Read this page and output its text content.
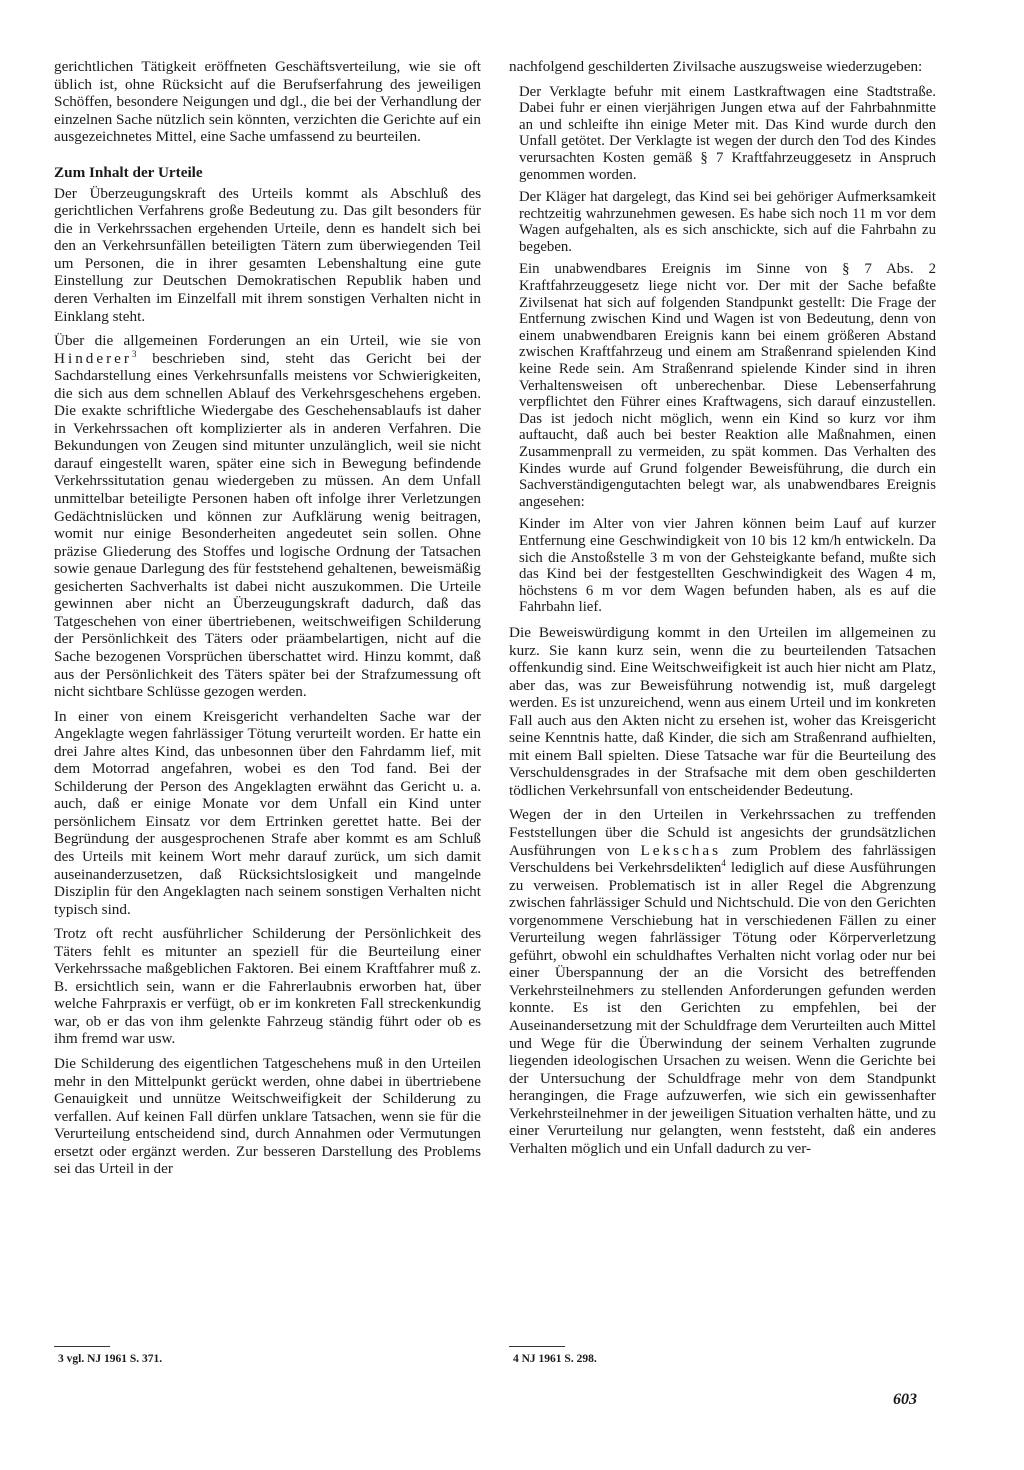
gerichtlichen Tätigkeit eröffneten Geschäftsverteilung, wie sie oft üblich ist, ohne Rücksicht auf die Berufserfahrung des jeweiligen Schöffen, besondere Neigungen und dgl., die bei der Verhandlung der einzelnen Sache nützlich sein könnten, verzichten die Gerichte auf ein ausgezeichnetes Mittel, eine Sache umfassend zu beurteilen.

Zum Inhalt der Urteile

Der Überzeugungskraft des Urteils kommt als Abschluß des gerichtlichen Verfahrens große Bedeutung zu. Das gilt besonders für die in Verkehrssachen ergehenden Urteile, denn es handelt sich bei den an Verkehrsunfällen beteiligten Tätern zum überwiegenden Teil um Personen, die in ihrer gesamten Lebenshaltung eine gute Einstellung zur Deutschen Demokratischen Republik haben und deren Verhalten im Einzelfall mit ihrem sonstigen Verhalten nicht in Einklang steht.

Über die allgemeinen Forderungen an ein Urteil, wie sie von Hinderer$^3$ beschrieben sind, steht das Gericht bei der Sachdarstellung eines Verkehrsunfalls meistens vor Schwierigkeiten, die sich aus dem schnellen Ablauf des Verkehrsgeschehens ergeben. Die exakte schriftliche Wiedergabe des Geschehensablaufs ist daher in Verkehrssachen oft komplizierter als in anderen Verfahren. Die Bekundungen von Zeugen sind mitunter unzulänglich, weil sie nicht darauf eingestellt waren, später eine sich in Bewegung befindende Verkehrssitutation genau wiedergeben zu müssen. An dem Unfall unmittelbar beteiligte Personen haben oft infolge ihrer Verletzungen Gedächtnislücken und können zur Aufklärung wenig beitragen, womit nur einige Besonderheiten angedeutet sein sollen. Ohne präzise Gliederung des Stoffes und logische Ordnung der Tatsachen sowie genaue Darlegung des für feststehend gehaltenen, beweismäßig gesicherten Sachverhalts ist dabei nicht auszukommen. Die Urteile gewinnen aber nicht an Überzeugungskraft dadurch, daß das Tatgeschehen von einer übertriebenen, weitschweifigen Schilderung der Persönlichkeit des Täters oder präambelartigen, nicht auf die Sache bezogenen Vorsprüchen überschattet wird. Hinzu kommt, daß aus der Persönlichkeit des Täters später bei der Strafzumessung oft nicht sichtbare Schlüsse gezogen werden.

In einer von einem Kreisgericht verhandelten Sache war der Angeklagte wegen fahrlässiger Tötung verurteilt worden. Er hatte ein drei Jahre altes Kind, das unbesonnen über den Fahrdamm lief, mit dem Motorrad angefahren, wobei es den Tod fand. Bei der Schilderung der Person des Angeklagten erwähnt das Gericht u. a. auch, daß er einige Monate vor dem Unfall ein Kind unter persönlichem Einsatz vor dem Ertrinken gerettet hatte. Bei der Begründung der ausgesprochenen Strafe aber kommt es am Schluß des Urteils mit keinem Wort mehr darauf zurück, um sich damit auseinanderzusetzen, daß Rücksichtslosigkeit und mangelnde Disziplin für den Angeklagten nach seinem sonstigen Verhalten nicht typisch sind.

Trotz oft recht ausführlicher Schilderung der Persönlichkeit des Täters fehlt es mitunter an speziell für die Beurteilung einer Verkehrssache maßgeblichen Faktoren. Bei einem Kraftfahrer muß z. B. ersichtlich sein, wann er die Fahrerlaubnis erworben hat, über welche Fahrpraxis er verfügt, ob er im konkreten Fall streckenkundig war, ob er das von ihm gelenkte Fahrzeug ständig führt oder ob es ihm fremd war usw.

Die Schilderung des eigentlichen Tatgeschehens muß in den Urteilen mehr in den Mittelpunkt gerückt werden, ohne dabei in übertriebene Genauigkeit und unnütze Weitschweifigkeit der Schilderung zu verfallen. Auf keinen Fall dürfen unklare Tatsachen, wenn sie für die Verurteilung entscheidend sind, durch Annahmen oder Vermutungen ersetzt oder ergänzt werden. Zur besseren Darstellung des Problems sei das Urteil in der

3 vgl. NJ 1961 S. 371.

nachfolgend geschilderten Zivilsache auszugsweise wiederzugeben:

Der Verklagte befuhr mit einem Lastkraftwagen eine Stadtstraße. Dabei fuhr er einen vierjährigen Jungen etwa auf der Fahrbahnmitte an und schleifte ihn einige Meter mit. Das Kind wurde durch den Unfall getötet. Der Verklagte ist wegen der durch den Tod des Kindes verursachten Kosten gemäß § 7 Kraftfahrzeuggesetz in Anspruch genommen worden.

Der Kläger hat dargelegt, das Kind sei bei gehöriger Aufmerksamkeit rechtzeitig wahrzunehmen gewesen. Es habe sich noch 11 m vor dem Wagen aufgehalten, als es sich anschickte, sich auf die Fahrbahn zu begeben.

Ein unabwendbares Ereignis im Sinne von § 7 Abs. 2 Kraftfahrzeuggesetz liege nicht vor. Der mit der Sache befaßte Zivilsenat hat sich auf folgenden Standpunkt gestellt: Die Frage der Entfernung zwischen Kind und Wagen ist von Bedeutung, denn von einem unabwendbaren Ereignis kann bei einem größeren Abstand zwischen Kraftfahrzeug und einem am Straßenrand spielenden Kind keine Rede sein. Am Straßenrand spielende Kinder sind in ihren Verhaltensweisen oft unberechenbar. Diese Lebenserfahrung verpflichtet den Führer eines Kraftwagens, sich darauf einzustellen. Das ist jedoch nicht möglich, wenn ein Kind so kurz vor ihm auftaucht, daß auch bei bester Reaktion alle Maßnahmen, einen Zusammenprall zu vermeiden, zu spät kommen. Das Verhalten des Kindes wurde auf Grund folgender Beweisführung, die durch ein Sachverständigengutachten belegt war, als unabwendbares Ereignis angesehen:

Kinder im Alter von vier Jahren können beim Lauf auf kurzer Entfernung eine Geschwindigkeit von 10 bis 12 km/h entwickeln. Da sich die Anstoßstelle 3 m von der Gehsteigkante befand, mußte sich das Kind bei der festgestellten Geschwindigkeit des Wagen 4 m, höchstens 6 m vor dem Wagen befunden haben, als es auf die Fahrbahn lief.

Die Beweiswürdigung kommt in den Urteilen im allgemeinen zu kurz. Sie kann kurz sein, wenn die zu beurteilenden Tatsachen offenkundig sind. Eine Weitschweifigkeit ist auch hier nicht am Platz, aber das, was zur Beweisführung notwendig ist, muß dargelegt werden. Es ist unzureichend, wenn aus einem Urteil und im konkreten Fall auch aus den Akten nicht zu ersehen ist, woher das Kreisgericht seine Kenntnis hatte, daß Kinder, die sich am Straßenrand aufhielten, mit einem Ball spielten. Diese Tatsache war für die Beurteilung des Verschuldensgrades in der Strafsache mit dem oben geschilderten tödlichen Verkehrsunfall von entscheidender Bedeutung.

Wegen der in den Urteilen in Verkehrssachen zu treffenden Feststellungen über die Schuld ist angesichts der grundsätzlichen Ausführungen von Lekschas zum Problem des fahrlässigen Verschuldens bei Verkehrsdelikten$^4$ lediglich auf diese Ausführungen zu verweisen. Problematisch ist in aller Regel die Abgrenzung zwischen fahrlässiger Schuld und Nichtschuld. Die von den Gerichten vorgenommene Verschiebung hat in verschiedenen Fällen zu einer Verurteilung wegen fahrlässiger Tötung oder Körperverletzung geführt, obwohl ein schuldhaftes Verhalten nicht vorlag oder nur bei einer Überspannung der an die Vorsicht des betreffenden Verkehrsteilnehmers zu stellenden Anforderungen gefunden werden konnte. Es ist den Gerichten zu empfehlen, bei der Auseinandersetzung mit der Schuldfrage dem Verurteilten auch Mittel und Wege für die Überwindung der seinem Verhalten zugrunde liegenden ideologischen Ursachen zu weisen. Wenn die Gerichte bei der Untersuchung der Schuldfrage mehr von dem Standpunkt herangingen, die Frage aufzuwerfen, wie sich ein gewissenhafter Verkehrsteilnehmer in der jeweiligen Situation verhalten hätte, und zu einer Verurteilung nur gelangten, wenn feststeht, daß ein anderes Verhalten möglich und ein Unfall dadurch zu ver-

4 NJ 1961 S. 298.
603
